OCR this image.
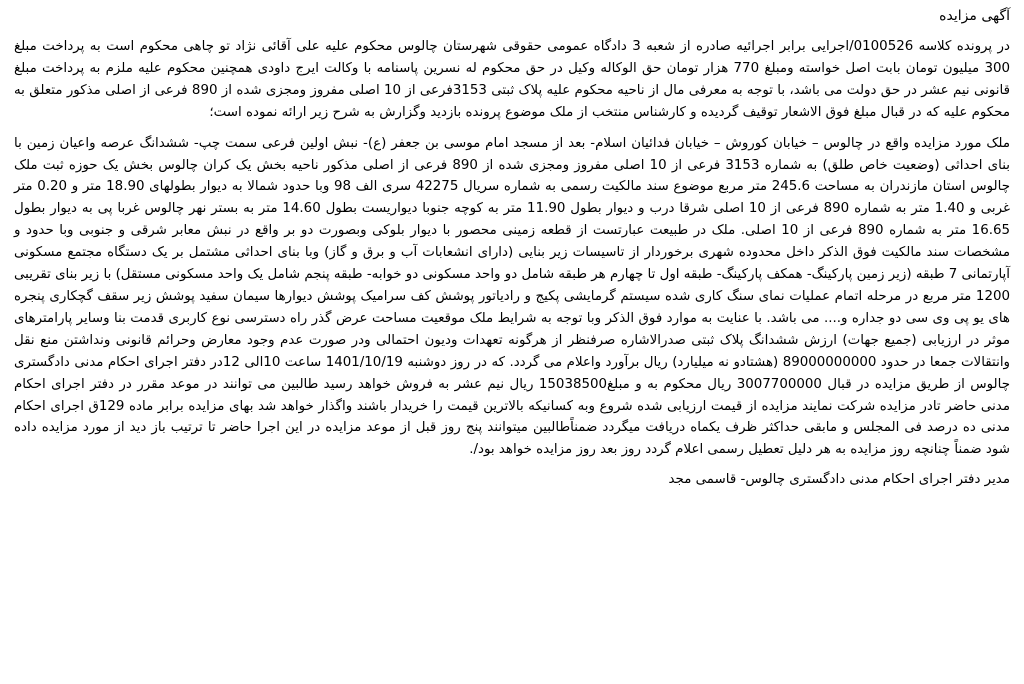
آگهی مزایده

در پرونده کلاسه 0100526/اجرایی برابر اجرائیه صادره از شعبه 3 دادگاه عمومی حقوقی شهرستان چالوس محکوم علیه علی آقائی نژاد تو چاهی محکوم است به پرداخت مبلغ 300 میلیون تومان بابت اصل خواسته ومبلغ 770 هزار تومان حق الوکاله وکیل در حق محکوم له نسرین پاسنامه با وکالت ایرج داودی همچنین محکوم علیه ملزم به پرداخت مبلغ قانونی نیم عشر در حق دولت می باشد، با توجه به معرفی مال از ناحیه محکوم علیه پلاک ثبتی 3153فرعی از 10 اصلی مفروز ومجزی شده از 890 فرعی از اصلی مذکور متعلق به محکوم علیه که در قبال مبلغ فوق الاشعار توقیف گردیده و کارشناس منتخب از ملک موضوع پرونده بازدید وگزارش به شرح زیر ارائه نموده است؛

ملک مورد مزایده واقع در چالوس – خیابان کوروش – خیابان فدائیان اسلام- بعد از مسجد امام موسی بن جعفر (ع)- نبش اولین فرعی سمت چپ- ششدانگ عرصه واعیان زمین با بنای احداثی (وضعیت خاص طلق) به شماره 3153 فرعی از 10 اصلی مفروز ومجزی شده از 890 فرعی از اصلی مذکور ناحیه بخش یک کران چالوس بخش یک حوزه ثبت ملک چالوس استان مازندران به مساحت 245.6 متر مربع موضوع سند مالکیت رسمی به شماره سریال 42275 سری الف 98 وبا حدود شمالا به دیوار بطولهای 18.90 متر و 0.20 متر غربی و 1.40 متر به شماره 890 فرعی از 10 اصلی شرقا درب و دیوار بطول 11.90 متر به کوچه جنوبا دیواریست بطول 14.60 متر به بستر نهر چالوس غربا پی به دیوار بطول 16.65 متر به شماره 890 فرعی از 10 اصلی. ملک در طبیعت عبارتست از قطعه زمینی محصور با دیوار بلوکی وبصورت دو بر واقع در نبش معابر شرقی و جنوبی وبا حدود و مشخصات سند مالکیت فوق الذکر داخل محدوده شهری برخوردار از تاسیسات زیر بنایی (دارای انشعابات آب و برق و گاز) وبا بنای احداثی مشتمل بر یک دستگاه مجتمع مسکونی آپارتمانی 7 طبقه (زیر زمین پارکینگ- همکف پارکینگ- طبقه اول تا چهارم هر طبقه شامل دو واحد مسکونی دو خوابه- طبقه پنجم شامل یک واحد مسکونی مستقل) با زیر بنای تقریبی 1200 متر مربع در مرحله اتمام عملیات نمای سنگ کاری شده سیستم گرمایشی پکیج و رادیاتور پوشش کف سرامیک پوشش دیوارها سیمان سفید پوشش زیر سقف گچکاری پنجره های یو پی وی سی دو جداره و.... می باشد. با عنایت به موارد فوق الذکر وبا توجه به شرایط ملک موقعیت مساحت عرض گذر راه دسترسی نوع کاربری قدمت بنا وسایر پارامترهای موثر در ارزیابی (جمیع جهات) ارزش ششدانگ پلاک ثبتی صدرالاشاره صرفنظر از هرگونه تعهدات ودیون احتمالی ودر صورت عدم وجود معارض وحرائم قانونی ونداشتن منع نقل وانتقالات جمعا در حدود 89000000000 (هشتادو نه میلیارد) ریال برآورد واعلام می گردد. که در روز دوشنبه 1401/10/19 ساعت 10الی 12در دفتر اجرای احکام مدنی دادگستری چالوس از طریق مزایده در قبال 3007700000 ریال محکوم به و مبلغ15038500 ریال نیم عشر به فروش خواهد رسید طالبین می توانند در موعد مقرر در دفتر اجرای احکام مدنی حاضر تادر مزایده شرکت نمایند مزایده از قیمت ارزیابی شده شروع وبه کسانیکه بالاترین قیمت را خریدار باشند واگذار خواهد شد بهای مزایده برابر ماده 129ق اجرای احکام مدنی ده درصد فی المجلس و مابقی حداکثر ظرف یکماه دریافت میگردد ضمناًطالبین میتوانند پنج روز قبل از موعد مزایده در این اجرا حاضر تا ترتیب باز دید از مورد مزایده داده شود ضمناً چنانچه روز مزایده به هر دلیل تعطیل رسمی اعلام گردد روز بعد روز مزایده خواهد بود/.

مدیر دفتر اجرای احکام مدنی دادگستری چالوس- قاسمی مجد
